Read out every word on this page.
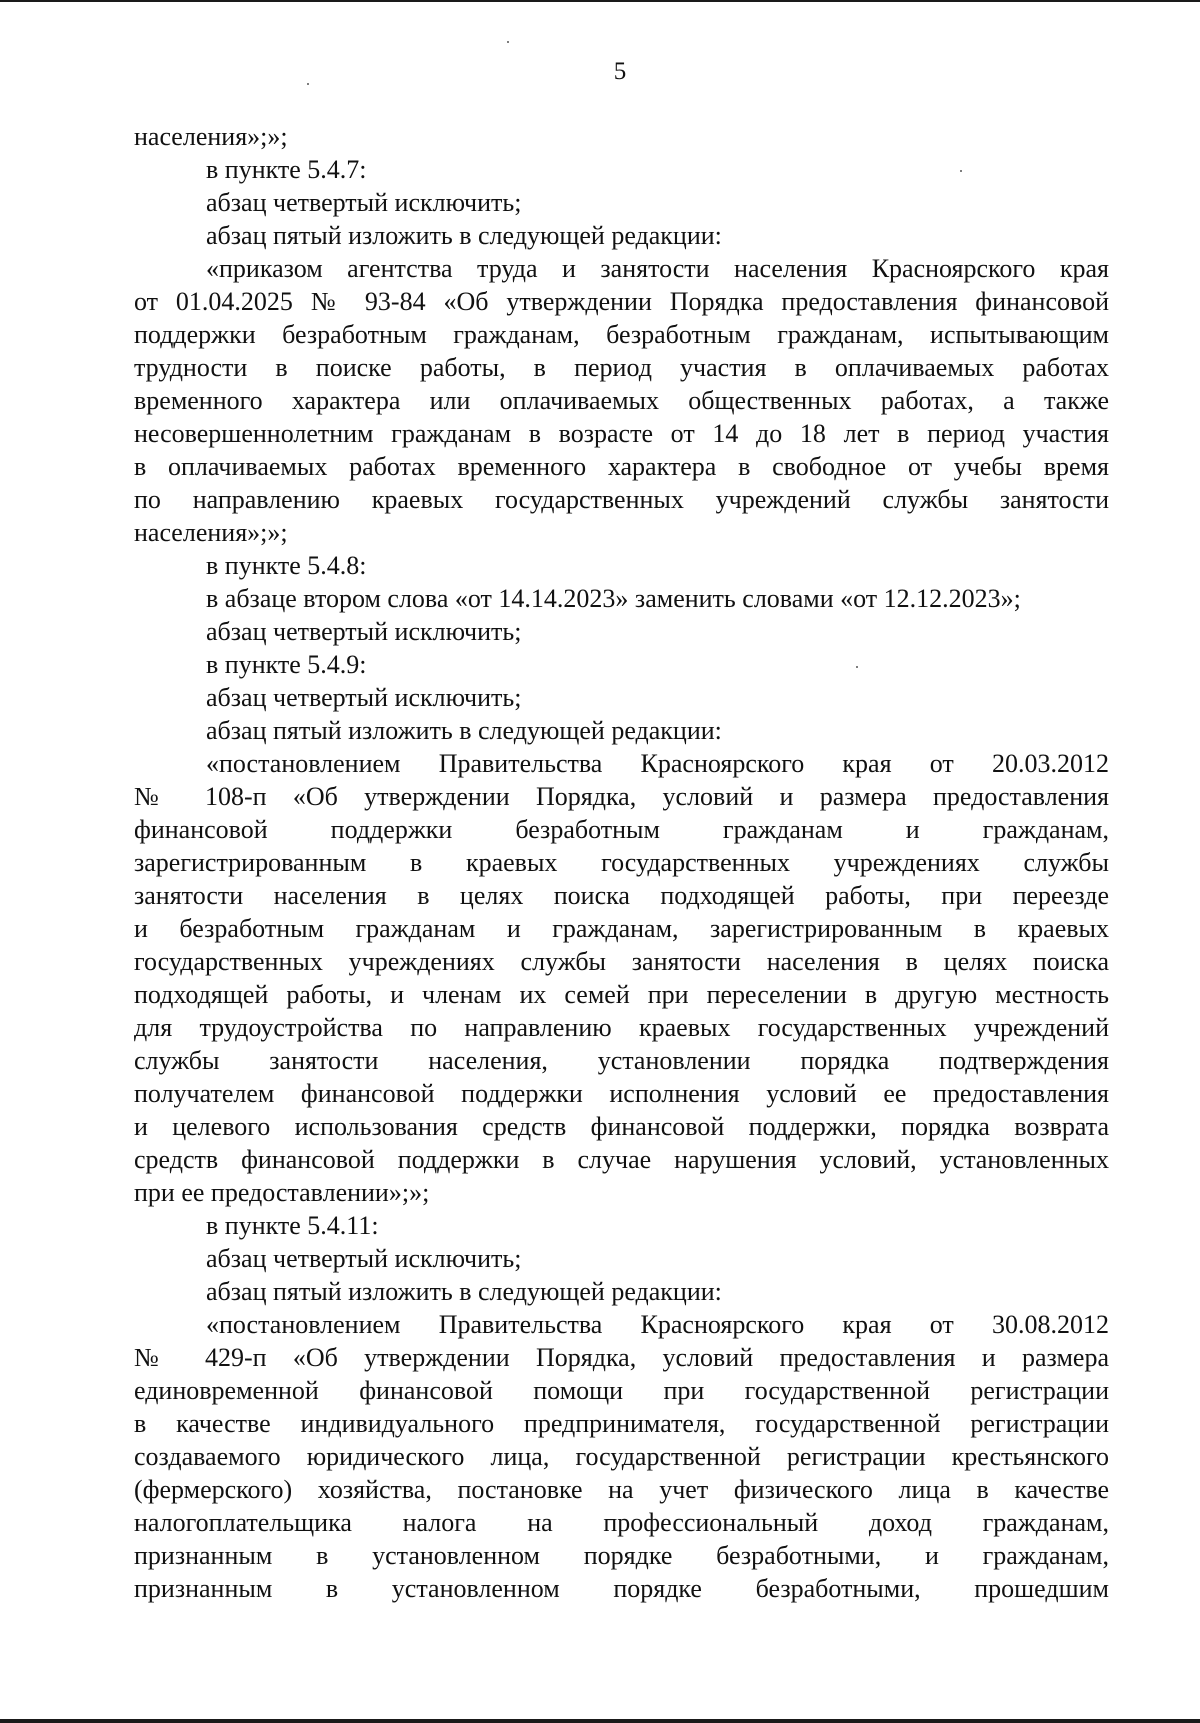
5
населения»;»;
в пункте 5.4.7:
абзац четвертый исключить;
абзац пятый изложить в следующей редакции:
«приказом агентства труда и занятости населения Красноярского края
от 01.04.2025 № 93-84 «Об утверждении Порядка предоставления финансовой
поддержки безработным гражданам, безработным гражданам, испытывающим
трудности в поиске работы, в период участия в оплачиваемых работах
временного характера или оплачиваемых общественных работах, а также
несовершеннолетним гражданам в возрасте от 14 до 18 лет в период участия
в оплачиваемых работах временного характера в свободное от учебы время
по направлению краевых государственных учреждений службы занятости
населения»;»;
в пункте 5.4.8:
в абзаце втором слова «от 14.14.2023» заменить словами «от 12.12.2023»;
абзац четвертый исключить;
в пункте 5.4.9:
абзац четвертый исключить;
абзац пятый изложить в следующей редакции:
«постановлением Правительства Красноярского края от 20.03.2012
№ 108-п «Об утверждении Порядка, условий и размера предоставления
финансовой поддержки безработным гражданам и гражданам,
зарегистрированным в краевых государственных учреждениях службы
занятости населения в целях поиска подходящей работы, при переезде
и безработным гражданам и гражданам, зарегистрированным в краевых
государственных учреждениях службы занятости населения в целях поиска
подходящей работы, и членам их семей при переселении в другую местность
для трудоустройства по направлению краевых государственных учреждений
службы занятости населения, установлении порядка подтверждения
получателем финансовой поддержки исполнения условий ее предоставления
и целевого использования средств финансовой поддержки, порядка возврата
средств финансовой поддержки в случае нарушения условий, установленных
при ее предоставлении»;»;
в пункте 5.4.11:
абзац четвертый исключить;
абзац пятый изложить в следующей редакции:
«постановлением Правительства Красноярского края от 30.08.2012
№ 429-п «Об утверждении Порядка, условий предоставления и размера
единовременной финансовой помощи при государственной регистрации
в качестве индивидуального предпринимателя, государственной регистрации
создаваемого юридического лица, государственной регистрации крестьянского
(фермерского) хозяйства, постановке на учет физического лица в качестве
налогоплательщика налога на профессиональный доход гражданам,
признанным в установленном порядке безработными, и гражданам,
признанным в установленном порядке безработными, прошедшим
